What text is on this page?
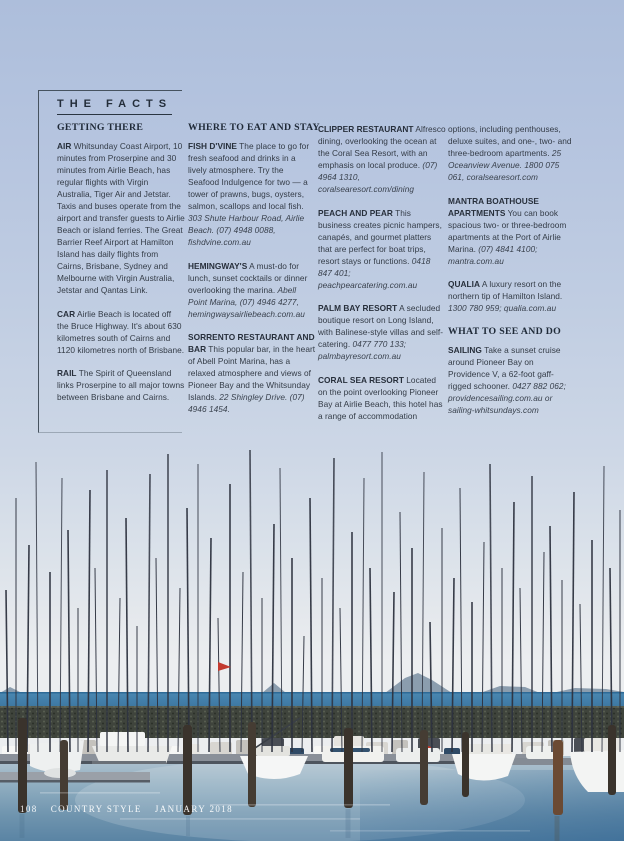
THE FACTS
GETTING THERE

AIR Whitsunday Coast Airport, 10 minutes from Proserpine and 30 minutes from Airlie Beach, has regular flights with Virgin Australia, Tiger Air and Jetstar. Taxis and buses operate from the airport and transfer guests to Airlie Beach or island ferries. The Great Barrier Reef Airport at Hamilton Island has daily flights from Cairns, Brisbane, Sydney and Melbourne with Virgin Australia, Jetstar and Qantas Link.

CAR Airlie Beach is located off the Bruce Highway. It's about 630 kilometres south of Cairns and 1120 kilometres north of Brisbane.

RAIL The Spirit of Queensland links Proserpine to all major towns between Brisbane and Cairns.

WHERE TO EAT AND STAY

FISH D'VINE The place to go for fresh seafood and drinks in a lively atmosphere. Try the Seafood Indulgence for two — a tower of prawns, bugs, oysters, salmon, scallops and local fish. 303 Shute Harbour Road, Airlie Beach. (07) 4948 0088, fishdvine.com.au

HEMINGWAY'S A must-do for lunch, sunset cocktails or dinner overlooking the marina. Abell Point Marina, (07) 4946 4277, hemingwaysairliebeach.com.au

SORRENTO RESTAURANT AND BAR This popular bar, in the heart of Abell Point Marina, has a relaxed atmosphere and views of Pioneer Bay and the Whitsunday Islands. 22 Shingley Drive. (07) 4946 1454.

CLIPPER RESTAURANT Alfresco dining, overlooking the ocean at the Coral Sea Resort, with an emphasis on local produce. (07) 4964 1310, coralsearesort.com/dining

PEACH AND PEAR This business creates picnic hampers, canapés, and gourmet platters that are perfect for boat trips, resort stays or functions. 0418 847 401; peachpearcatering.com.au

PALM BAY RESORT A secluded boutique resort on Long Island, with Balinese-style villas and self-catering. 0477 770 133; palmbayresort.com.au

CORAL SEA RESORT Located on the point overlooking Pioneer Bay at Airlie Beach, this hotel has a range of accommodation

options, including penthouses, deluxe suites, and one-, two- and three-bedroom apartments. 25 Oceanview Avenue. 1800 075 061, coralsearesort.com

MANTRA BOATHOUSE APARTMENTS You can book spacious two- or three-bedroom apartments at the Port of Airlie Marina. (07) 4841 4100; mantra.com.au

QUALIA A luxury resort on the northern tip of Hamilton Island. 1300 780 959; qualia.com.au

WHAT TO SEE AND DO

SAILING Take a sunset cruise around Pioneer Bay on Providence V, a 62-foot gaff-rigged schooner. 0427 882 062; providencesailing.com.au or sailing-whitsundays.com

108 COUNTRY STYLE JANUARY 2018
